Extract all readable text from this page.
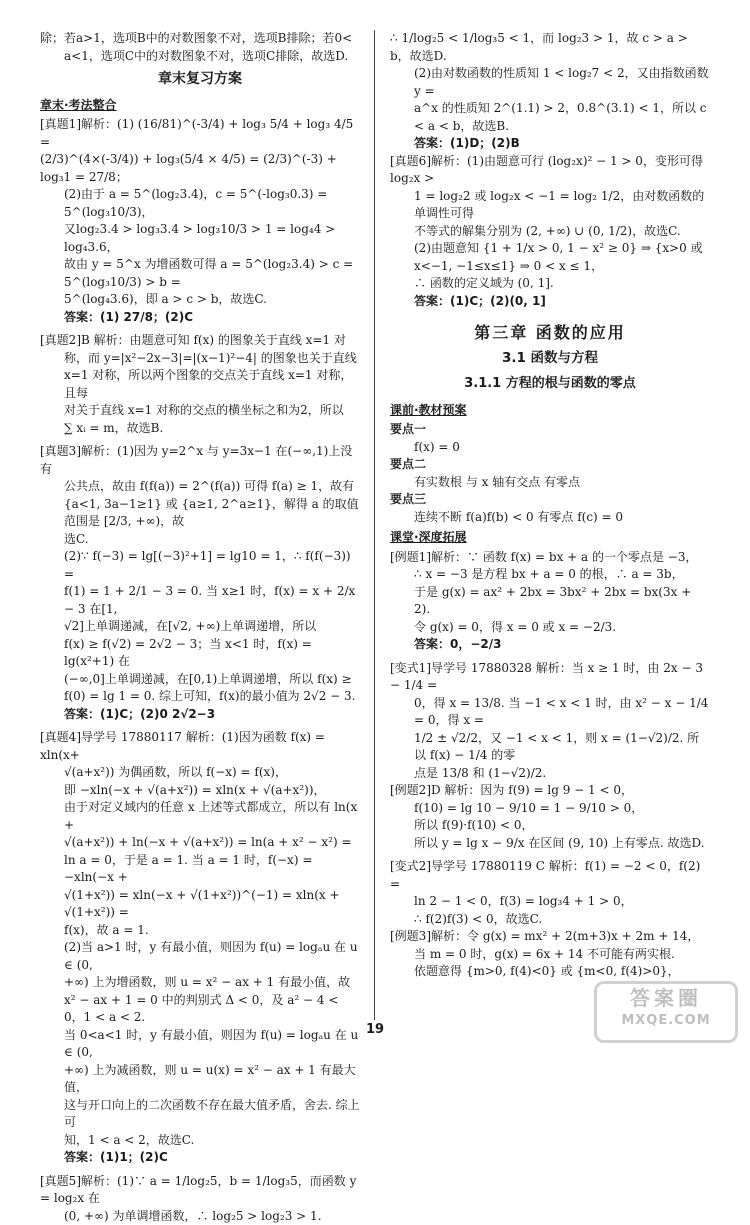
除；若a>1，选项B中的对数图象不对，选项B排除；若0<

a<1，选项C中的对数图象不对，选项C排除，故选D.

章末复习方案
章末·考法整合

[真题1]解析：(1) (16/81)^(-3/4) + log₃ 5/4 + log₃ 4/5 =

(2/3)^(4×(-3/4)) + log₃(5/4 × 4/5) = (2/3)^(-3) + log₃1 = 27/8；

(2)由于 a = 5^(log₂3.4)，c = 5^(-log₃0.3) = 5^(log₃10/3)，

又log₂3.4 > log₃3.4 > log₃10/3 > 1 = log₄4 > log₄3.6，

故由 y = 5^x 为增函数可得 a = 5^(log₂3.4) > c = 5^(log₃10/3) > b =

5^(log₄3.6)，即 a > c > b，故选C.

答案：(1) 27/8；(2)C

[真题2]B 解析：由题意可知 f(x) 的图象关于直线 x=1 对

称，而 y=|x²−2x−3|=|(x−1)²−4| 的图象也关于直线

x=1 对称，所以两个图象的交点关于直线 x=1 对称，且每

对关于直线 x=1 对称的交点的横坐标之和为2，所以

∑ xᵢ = m，故选B.

[真题3]解析：(1)因为 y=2^x 与 y=3x−1 在(−∞,1)上没有

公共点，故由 f(f(a)) = 2^(f(a)) 可得 f(a) ≥ 1，故有

{a<1, 3a−1≥1} 或 {a≥1, 2^a≥1}，解得 a 的取值范围是 [2/3, +∞)，故

选C.

(2)∵ f(−3) = lg[(−3)²+1] = lg10 = 1，∴ f(f(−3)) =

f(1) = 1 + 2/1 − 3 = 0. 当 x≥1 时，f(x) = x + 2/x − 3 在[1,

√2]上单调递减，在[√2, +∞)上单调递增，所以

f(x) ≥ f(√2) = 2√2 − 3；当 x<1 时，f(x) = lg(x²+1) 在

(−∞,0]上单调递减，在[0,1)上单调递增，所以 f(x) ≥

f(0) = lg 1 = 0. 综上可知，f(x)的最小值为 2√2 − 3.

答案：(1)C；(2)0 2√2−3

[真题4]导学号 17880117 解析：(1)因为函数 f(x) = xln(x+

√(a+x²)) 为偶函数，所以 f(−x) = f(x)，

即 −xln(−x + √(a+x²)) = xln(x + √(a+x²))，

由于对定义域内的任意 x 上述等式都成立，所以有 ln(x +

√(a+x²)) + ln(−x + √(a+x²)) = ln(a + x² − x²) =

ln a = 0，于是 a = 1. 当 a = 1 时，f(−x) = −xln(−x +

√(1+x²)) = xln(−x + √(1+x²))^(−1) = xln(x + √(1+x²)) =

f(x)，故 a = 1.

(2)当 a>1 时，y 有最小值，则因为 f(u) = logₐu 在 u ∈ (0,

+∞) 上为增函数，则 u = x² − ax + 1 有最小值，故

x² − ax + 1 = 0 中的判别式 Δ < 0，及 a² − 4 < 0，1 < a < 2.

当 0<a<1 时，y 有最小值，则因为 f(u) = logₐu 在 u ∈ (0,

+∞) 上为减函数，则 u = u(x) = x² − ax + 1 有最大值，

这与开口向上的二次函数不存在最大值矛盾，舍去. 综上可

知，1 < a < 2，故选C.

答案：(1)1；(2)C

[真题5]解析：(1)∵ a = 1/log₂5，b = 1/log₃5，而函数 y = log₂x 在

(0, +∞) 为单调增函数，∴ log₂5 > log₂3 > 1.

∴ 1/log₂5 < 1/log₃5 < 1，而 log₂3 > 1，故 c > a > b，故选D.

(2)由对数函数的性质知 1 < log₂7 < 2，又由指数函数 y =

a^x 的性质知 2^(1.1) > 2，0.8^(3.1) < 1，所以 c < a < b，故选B.

答案：(1)D；(2)B

[真题6]解析：(1)由题意可行 (log₂x)² − 1 > 0，变形可得 log₂x >

1 = log₂2 或 log₂x < −1 = log₂ 1/2，由对数函数的单调性可得

不等式的解集分别为 (2, +∞) ∪ (0, 1/2)，故选C.

(2)由题意知 {1 + 1/x > 0, 1 − x² ≥ 0} ⇒ {x>0 或 x<−1, −1≤x≤1} ⇒ 0 < x ≤ 1，

∴ 函数的定义域为 (0, 1].

答案：(1)C；(2)(0, 1]

第三章 函数的应用
3.1 函数与方程
3.1.1 方程的根与函数的零点
课前·教材预案

要点一

f(x) = 0

要点二

有实数根 与 x 轴有交点 有零点

要点三

连续不断 f(a)f(b) < 0 有零点 f(c) = 0

课堂·深度拓展

[例题1]解析：∵ 函数 f(x) = bx + a 的一个零点是 −3，

∴ x = −3 是方程 bx + a = 0 的根，∴ a = 3b，

于是 g(x) = ax² + 2bx = 3bx² + 2bx = bx(3x + 2).

令 g(x) = 0，得 x = 0 或 x = −2/3.

答案：0，−2/3

[变式1]导学号 17880328 解析：当 x ≥ 1 时，由 2x − 3 − 1/4 =

0，得 x = 13/8. 当 −1 < x < 1 时，由 x² − x − 1/4 = 0，得 x =

1/2 ± √2/2，又 −1 < x < 1，则 x = (1−√2)/2. 所以 f(x) − 1/4 的零

点是 13/8 和 (1−√2)/2.

[例题2]D 解析：因为 f(9) = lg 9 − 1 < 0，

f(10) = lg 10 − 9/10 = 1 − 9/10 > 0，

所以 f(9)·f(10) < 0，

所以 y = lg x − 9/x 在区间 (9, 10) 上有零点. 故选D.

[变式2]导学号 17880119 C 解析：f(1) = −2 < 0，f(2) =

ln 2 − 1 < 0，f(3) = log₃4 + 1 > 0，

∴ f(2)f(3) < 0，故选C.

[例题3]解析：令 g(x) = mx² + 2(m+3)x + 2m + 14，

当 m = 0 时，g(x) = 6x + 14 不可能有两实根.

依题意得 {m>0, f(4)<0} 或 {m<0, f(4)>0}，

19
答案圈
MXQE.COM
